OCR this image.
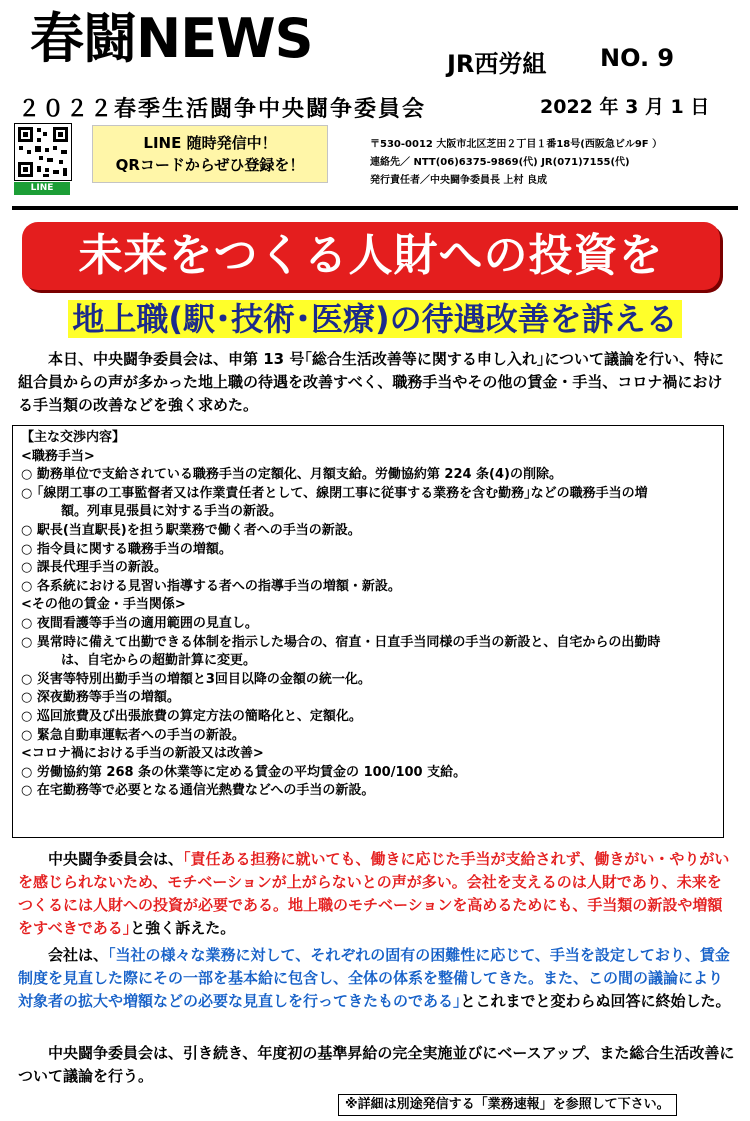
春闘NEWS	JR西労組 NO. 9
２０２２春季生活闘争中央闘争委員会	2022 年 3 月 1 日
LINE
LINE 随時発信中！
QRコードからぜひ登録を！
〒530-0012 大阪市北区芝田２丁目１番18号(西阪急ビル9F ）
連絡先／ NTT(06)6375-9869(代) JR(071)7155(代)
発行責任者／中央闘争委員長 上村 良成
未来をつくる人財への投資を
地上職(駅･技術･医療)の待遇改善を訴える
本日、中央闘争委員会は、申第 13 号｢総合生活改善等に関する申し入れ｣について議論を行い、特に組合員からの声が多かった地上職の待遇を改善すべく、職務手当やその他の賃金・手当、コロナ禍における手当類の改善などを強く求めた。
【主な交渉内容】
<職務手当>
○ 勤務単位で支給されている職務手当の定額化、月額支給。労働協約第 224 条(4)の削除。
○ ｢線閉工事の工事監督者又は作業責任者として、線閉工事に従事する業務を含む勤務｣などの職務手当の増
額。列車見張員に対する手当の新設。
○ 駅長(当直駅長)を担う駅業務で働く者への手当の新設。
○ 指令員に関する職務手当の増額。
○ 課長代理手当の新設。
○ 各系統における見習い指導する者への指導手当の増額・新設。
<その他の賃金・手当関係>
○ 夜間看護等手当の適用範囲の見直し。
○ 異常時に備えて出勤できる体制を指示した場合の、宿直・日直手当同様の手当の新設と、自宅からの出勤時
は、自宅からの超勤計算に変更。
○ 災害等特別出勤手当の増額と3回目以降の金額の統一化。
○ 深夜勤務等手当の増額。
○ 巡回旅費及び出張旅費の算定方法の簡略化と、定額化。
○ 緊急自動車運転者への手当の新設。
<コロナ禍における手当の新設又は改善>
○ 労働協約第 268 条の休業等に定める賃金の平均賃金の 100/100 支給。
○ 在宅勤務等で必要となる通信光熱費などへの手当の新設。
中央闘争委員会は、｢責任ある担務に就いても、働きに応じた手当が支給されず、働きがい・やりがいを感じられないため、モチベーションが上がらないとの声が多い。会社を支えるのは人財であり、未来をつくるには人財への投資が必要である。地上職のモチベーションを高めるためにも、手当類の新設や増額をすべきである｣と強く訴えた。
会社は、｢当社の様々な業務に対して、それぞれの固有の困難性に応じて、手当を設定しており、賃金制度を見直した際にその一部を基本給に包含し、全体の体系を整備してきた。また、この間の議論により対象者の拡大や増額などの必要な見直しを行ってきたものである｣とこれまでと変わらぬ回答に終始した。
中央闘争委員会は、引き続き、年度初の基準昇給の完全実施並びにベースアップ、また総合生活改善について議論を行う。
※詳細は別途発信する「業務速報」を参照して下さい。
